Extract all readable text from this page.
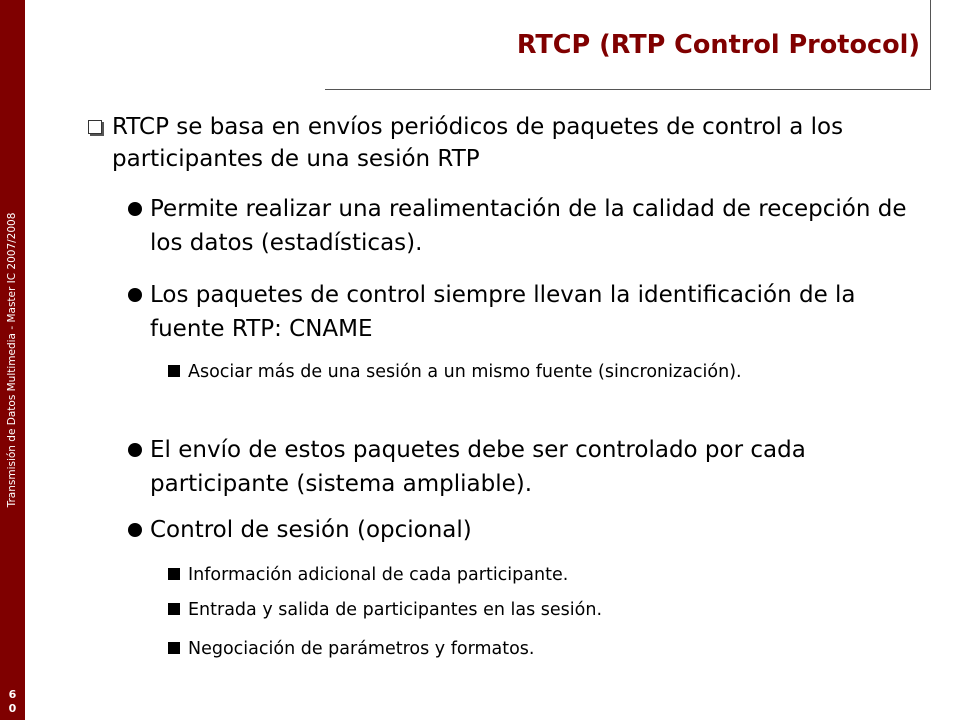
Transmisión de Datos Multimedia - Master IC 2007/2008
6
0
RTCP (RTP Control Protocol)
RTCP se basa en envíos periódicos de paquetes de control a los participantes de una sesión RTP
Permite realizar una realimentación de la calidad de recepción de los datos (estadísticas).
Los paquetes de control siempre llevan la identificación de la fuente RTP: CNAME
Asociar más de una sesión a un mismo fuente (sincronización).
El envío de estos paquetes debe ser controlado por cada participante (sistema ampliable).
Control de sesión (opcional)
Información adicional de cada participante.
Entrada y salida de participantes en las sesión.
Negociación de parámetros y formatos.
